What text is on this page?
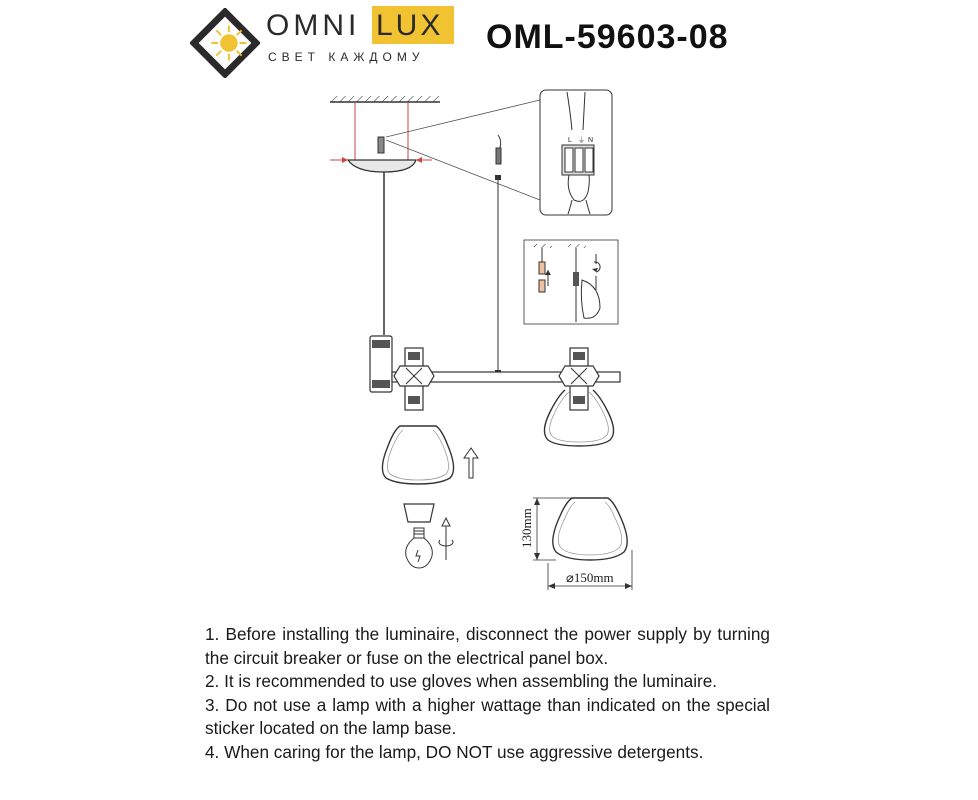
OMNI LUX
СВЕТ КАЖДОМУ
OML-59603-08
L ⏚ N
130mm
⌀150mm

1. Before installing the luminaire, disconnect the power supply by turning the circuit breaker or fuse on the electrical panel box.

2. It is recommended to use gloves when assembling the luminaire.

3. Do not use a lamp with a higher wattage than indicated on the special sticker located on the lamp base.

4. When caring for the lamp, DO NOT use aggressive detergents.
